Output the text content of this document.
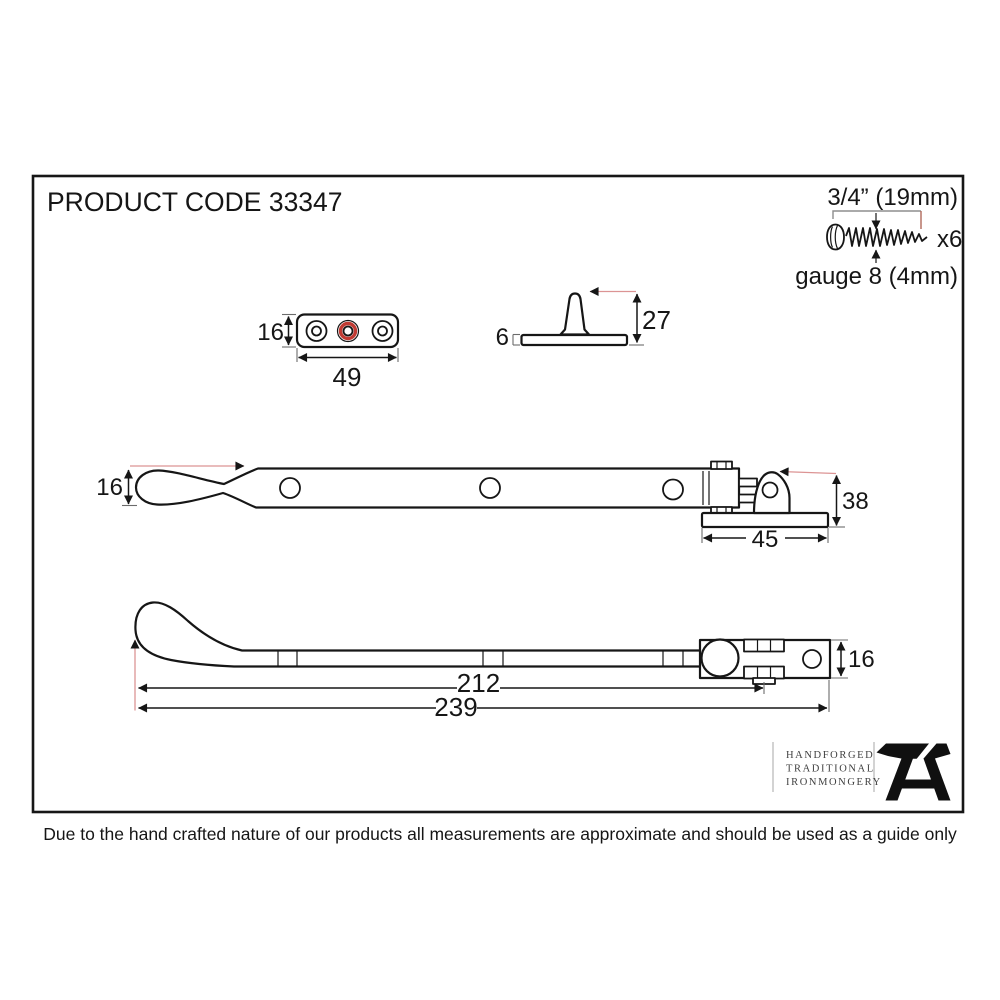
PRODUCT CODE 33347	3/4” (19mm)
x6
gauge 8 (4mm)
16
49
27
6
16
38
45
16
212
239
HANDFORGED
TRADITIONAL
IRONMONGERY
Due to the hand crafted nature of our products all measurements are approximate and should be used as a guide only
